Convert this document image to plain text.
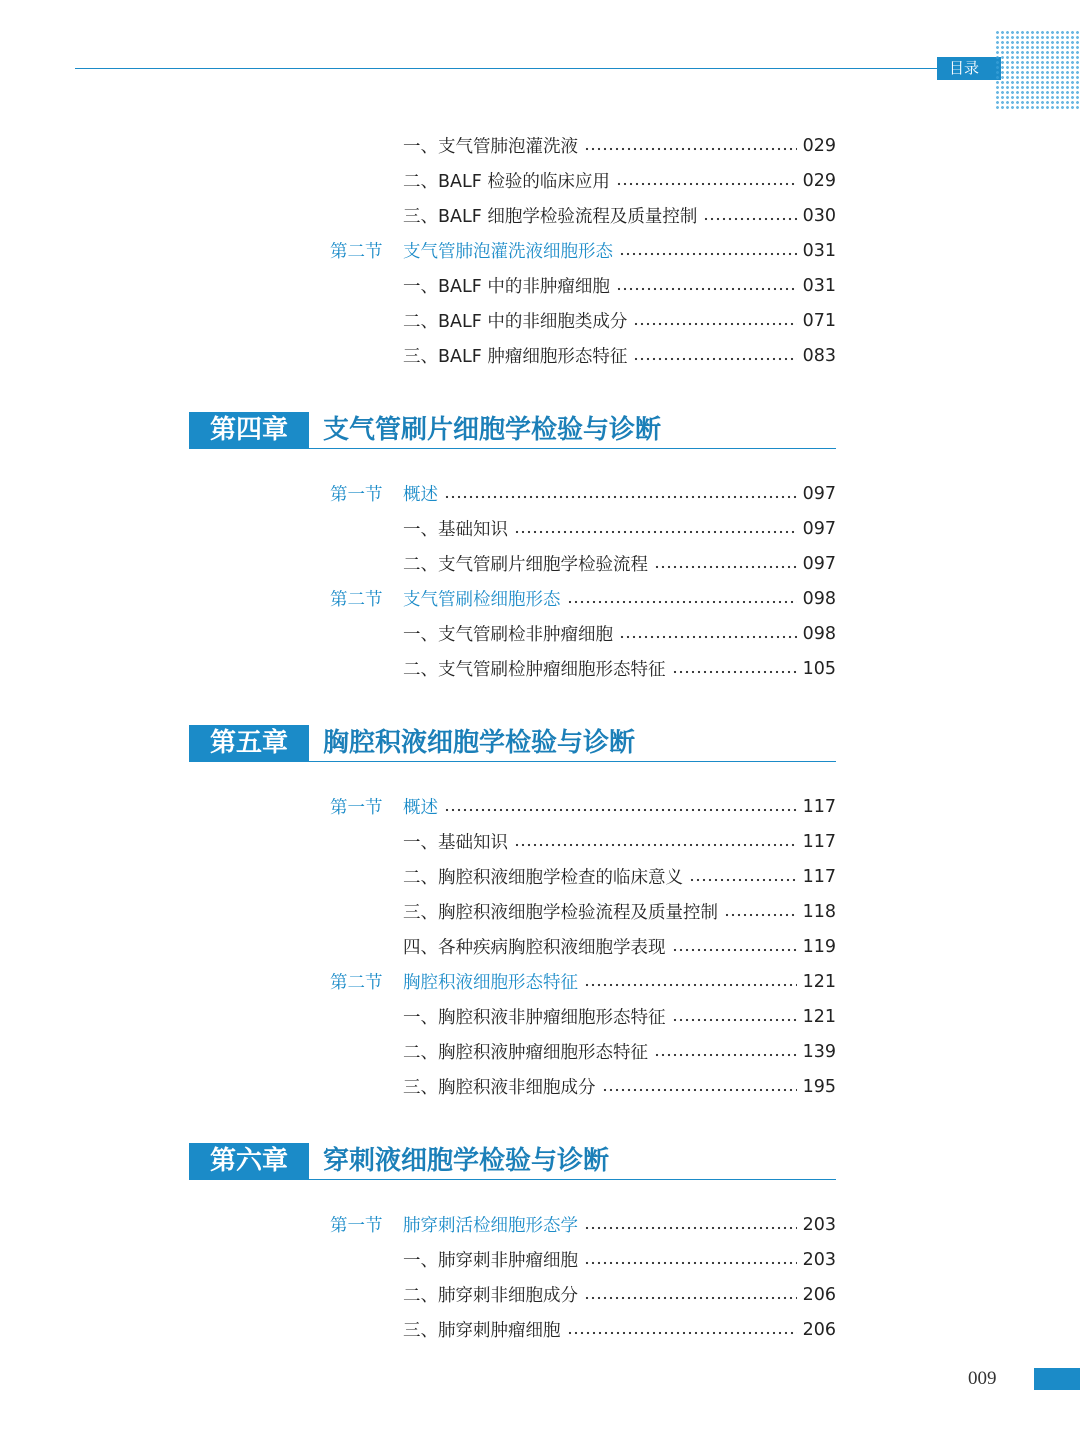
目录
一、支气管肺泡灌洗液	029
二、BALF 检验的临床应用	029
三、BALF 细胞学检验流程及质量控制	030
第二节	支气管肺泡灌洗液细胞形态	031
一、BALF 中的非肿瘤细胞	031
二、BALF 中的非细胞类成分	071
三、BALF 肿瘤细胞形态特征	083
第四章	支气管刷片细胞学检验与诊断
第一节	概述	097
一、基础知识	097
二、支气管刷片细胞学检验流程	097
第二节	支气管刷检细胞形态	098
一、支气管刷检非肿瘤细胞	098
二、支气管刷检肿瘤细胞形态特征	105
第五章	胸腔积液细胞学检验与诊断
第一节	概述	117
一、基础知识	117
二、胸腔积液细胞学检查的临床意义	117
三、胸腔积液细胞学检验流程及质量控制	118
四、各种疾病胸腔积液细胞学表现	119
第二节	胸腔积液细胞形态特征	121
一、胸腔积液非肿瘤细胞形态特征	121
二、胸腔积液肿瘤细胞形态特征	139
三、胸腔积液非细胞成分	195
第六章	穿刺液细胞学检验与诊断
第一节	肺穿刺活检细胞形态学	203
一、肺穿刺非肿瘤细胞	203
二、肺穿刺非细胞成分	206
三、肺穿刺肿瘤细胞	206
009
